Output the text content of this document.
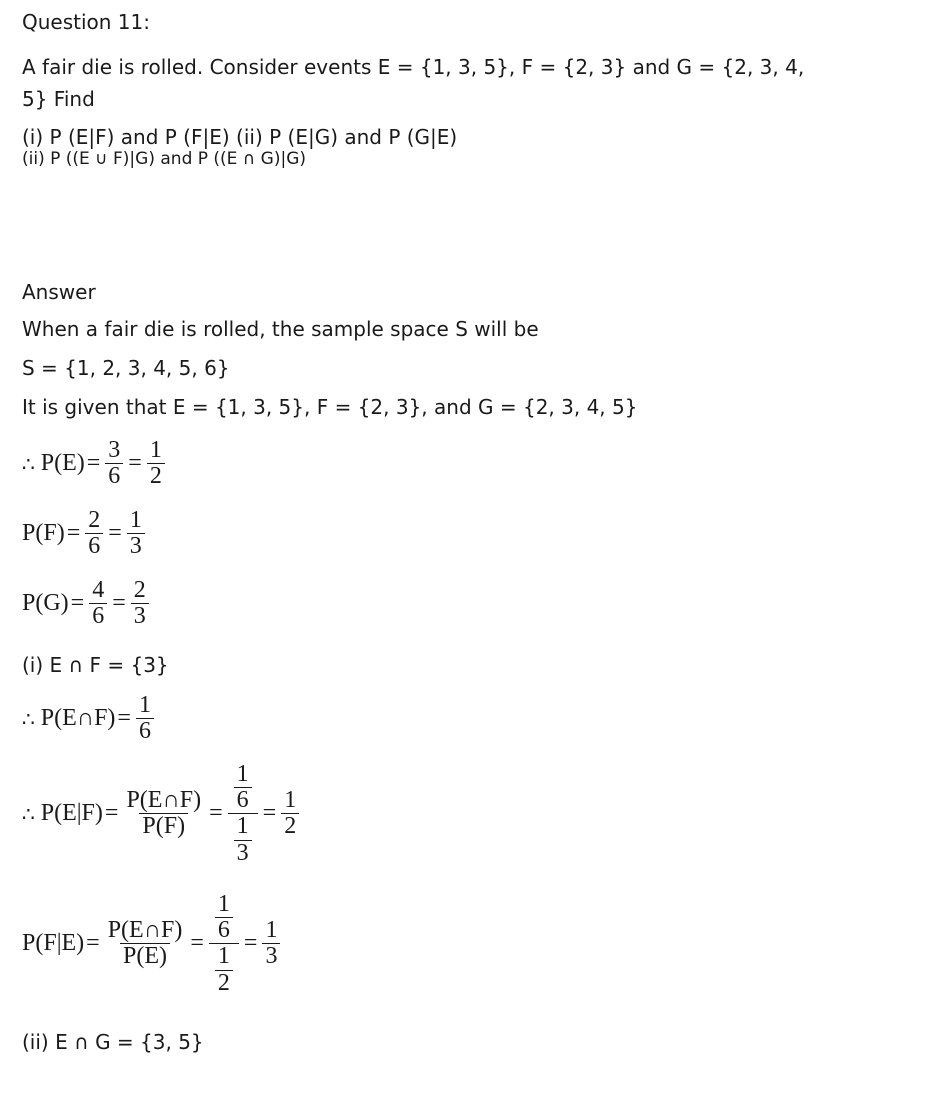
Question 11:
A fair die is rolled. Consider events E = {1, 3, 5}, F = {2, 3} and G = {2, 3, 4,
5} Find
(i) P (E|F) and P (F|E) (ii) P (E|G) and P (G|E)
(ii) P ((E ∪ F)|G) and P ((E ∩ G)|G)
Answer
When a fair die is rolled, the sample space S will be
S = {1, 2, 3, 4, 5, 6}
It is given that E = {1, 3, 5}, F = {2, 3}, and G = {2, 3, 4, 5}
∴ $P(E) = \frac{3}{6} = \frac{1}{2}$
$P(F) = \frac{2}{6} = \frac{1}{3}$
$P(G) = \frac{4}{6} = \frac{2}{3}$
(i) E ∩ F = {3}
∴ P(E∩F) = $\frac{1}{6}$
∴ $P(E|F) = \frac{P(E\cap F)}{P(F)} = \frac{\frac{1}{6}}{\frac{1}{3}} = \frac{1}{2}$
$P(F|E) = \frac{P(E\cap F)}{P(E)} = \frac{\frac{1}{6}}{\frac{1}{2}} = \frac{1}{3}$
(ii) E ∩ G = {3, 5}
